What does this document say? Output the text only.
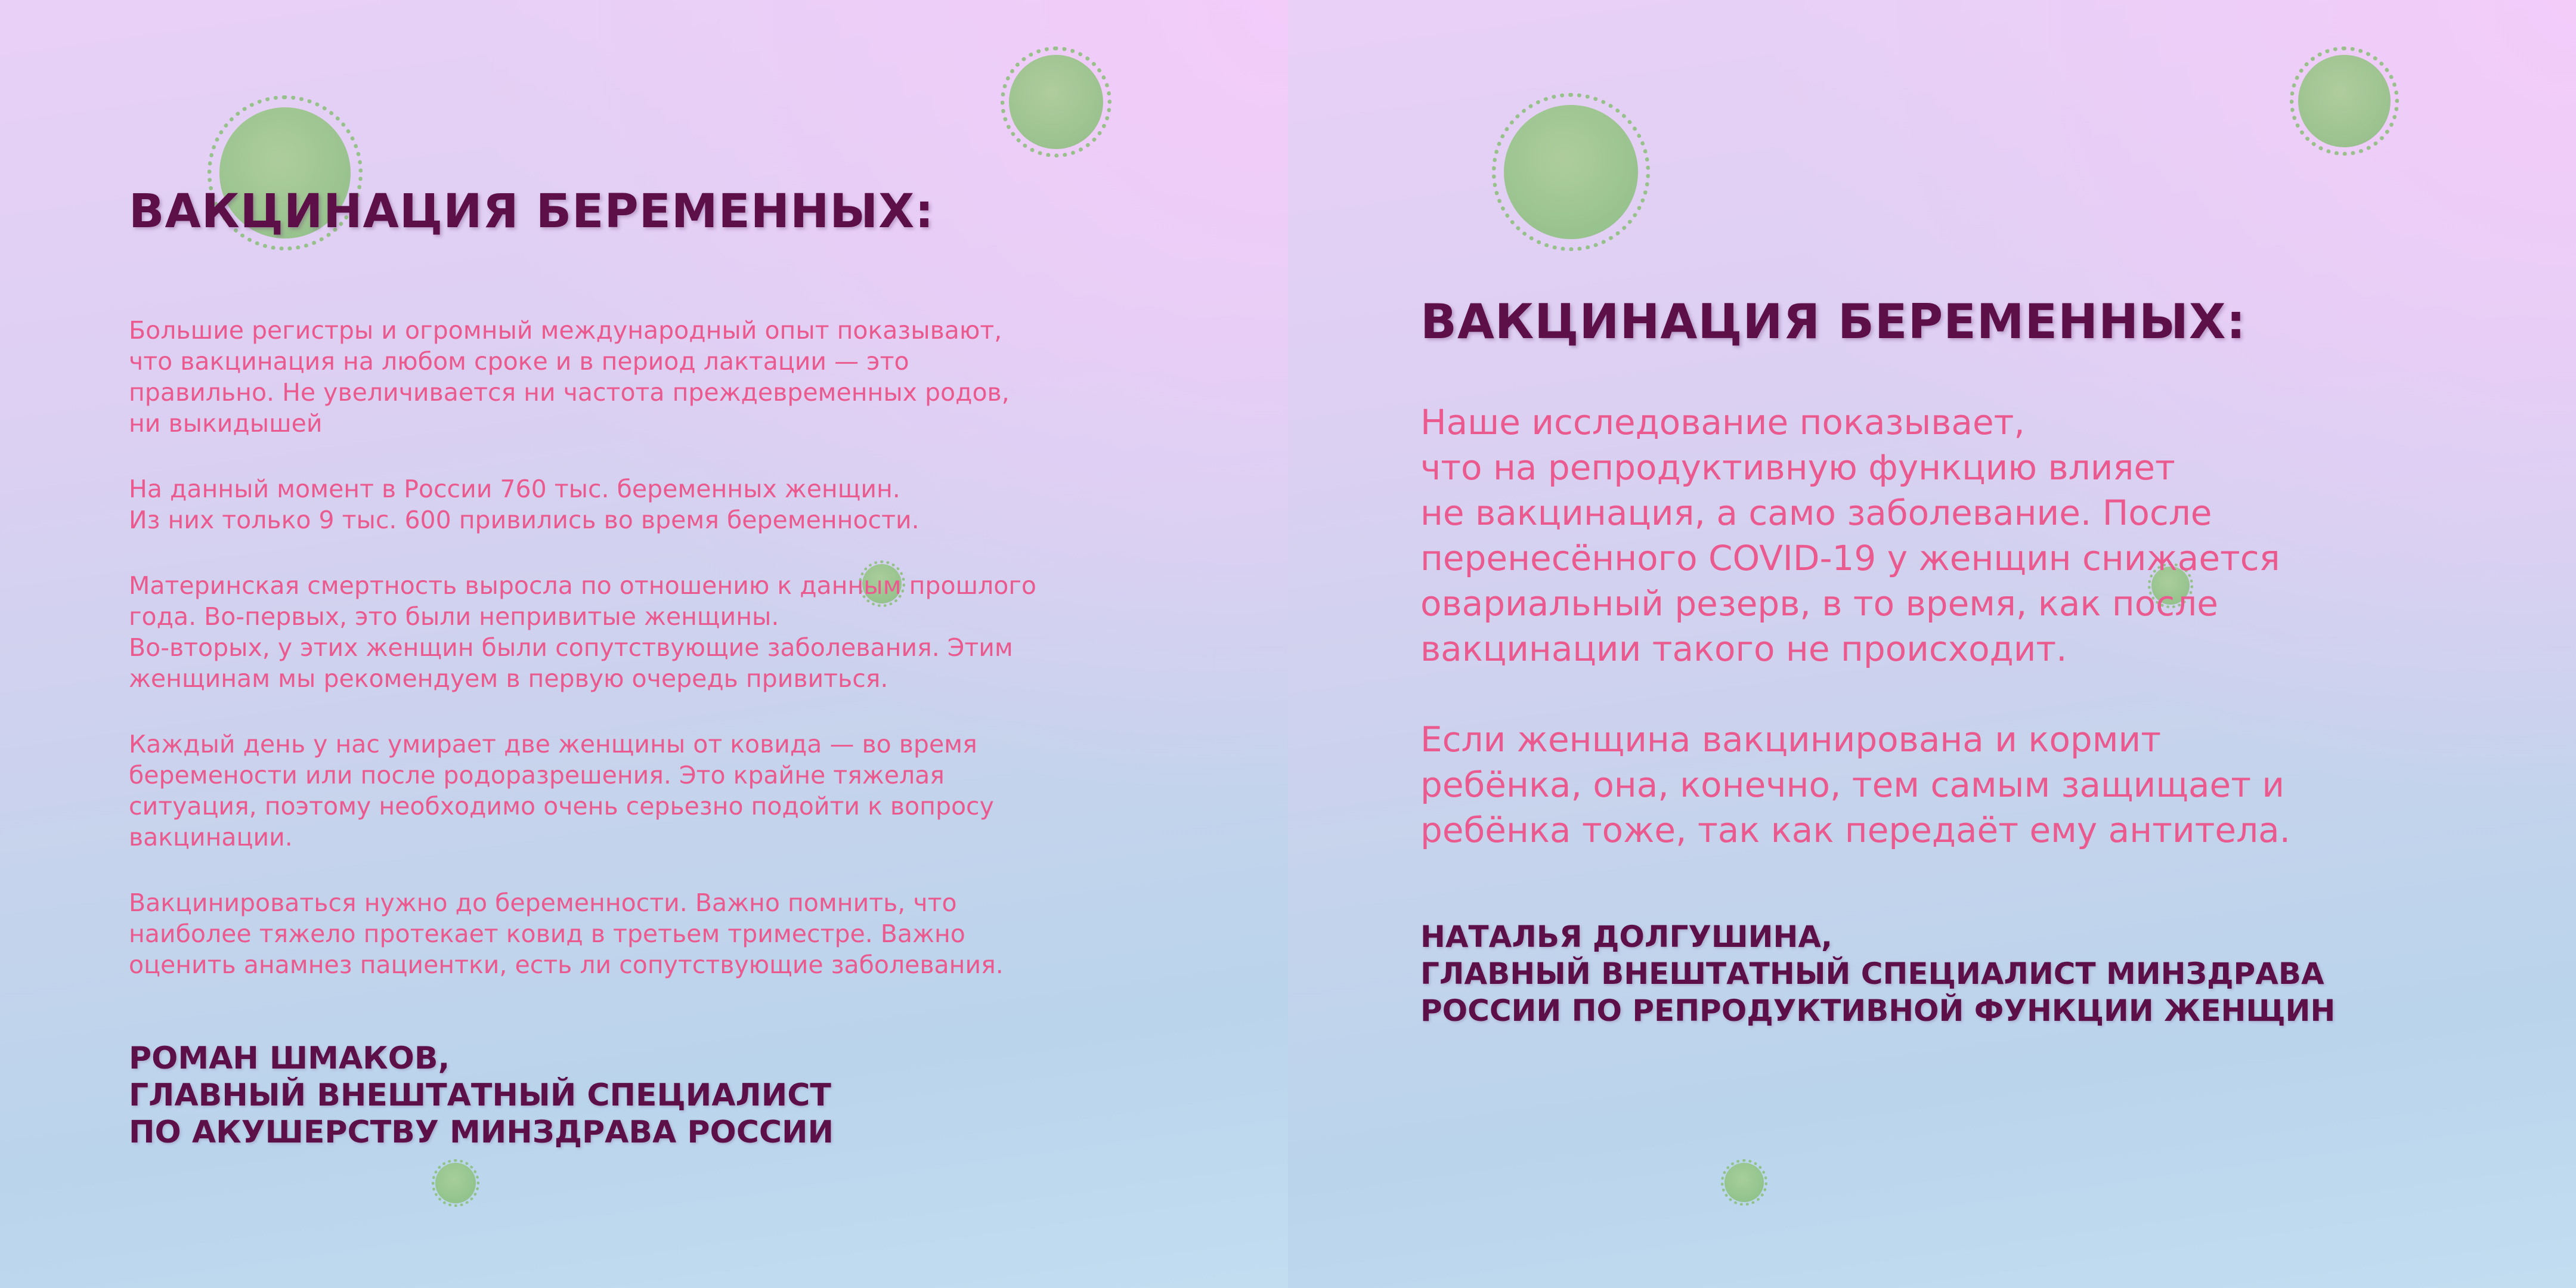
ВАКЦИНАЦИЯ БЕРЕМЕННЫХ:

Большие регистры и огромный международный опыт показывают,
что вакцинация на любом сроке и в период лактации — это
правильно. Не увеличивается ни частота преждевременных родов,
ни выкидышей

На данный момент в России 760 тыс. беременных женщин.
Из них только 9 тыс. 600 привились во время беременности.

Материнская смертность выросла по отношению к данным прошлого
года. Во-первых, это были непривитые женщины.
Во-вторых, у этих женщин были сопутствующие заболевания. Этим
женщинам мы рекомендуем в первую очередь привиться.

Каждый день у нас умирает две женщины от ковида — во время
беремености или после родоразрешения. Это крайне тяжелая
ситуация, поэтому необходимо очень серьезно подойти к вопросу
вакцинации.

Вакцинироваться нужно до беременности. Важно помнить, что
наиболее тяжело протекает ковид в третьем триместре. Важно
оценить анамнез пациентки, есть ли сопутствующие заболевания.

РОМАН ШМАКОВ,
ГЛАВНЫЙ ВНЕШТАТНЫЙ СПЕЦИАЛИСТ
ПО АКУШЕРСТВУ МИНЗДРАВА РОССИИ

ВАКЦИНАЦИЯ БЕРЕМЕННЫХ:

Наше исследование показывает,
что на репродуктивную функцию влияет
не вакцинация, а само заболевание. После
перенесённого COVID-19 у женщин снижается
овариальный резерв, в то время, как после
вакцинации такого не происходит.

Если женщина вакцинирована и кормит
ребёнка, она, конечно, тем самым защищает и
ребёнка тоже, так как передаёт ему антитела.

НАТАЛЬЯ ДОЛГУШИНА,
ГЛАВНЫЙ ВНЕШТАТНЫЙ СПЕЦИАЛИСТ МИНЗДРАВА
РОССИИ ПО РЕПРОДУКТИВНОЙ ФУНКЦИИ ЖЕНЩИН
